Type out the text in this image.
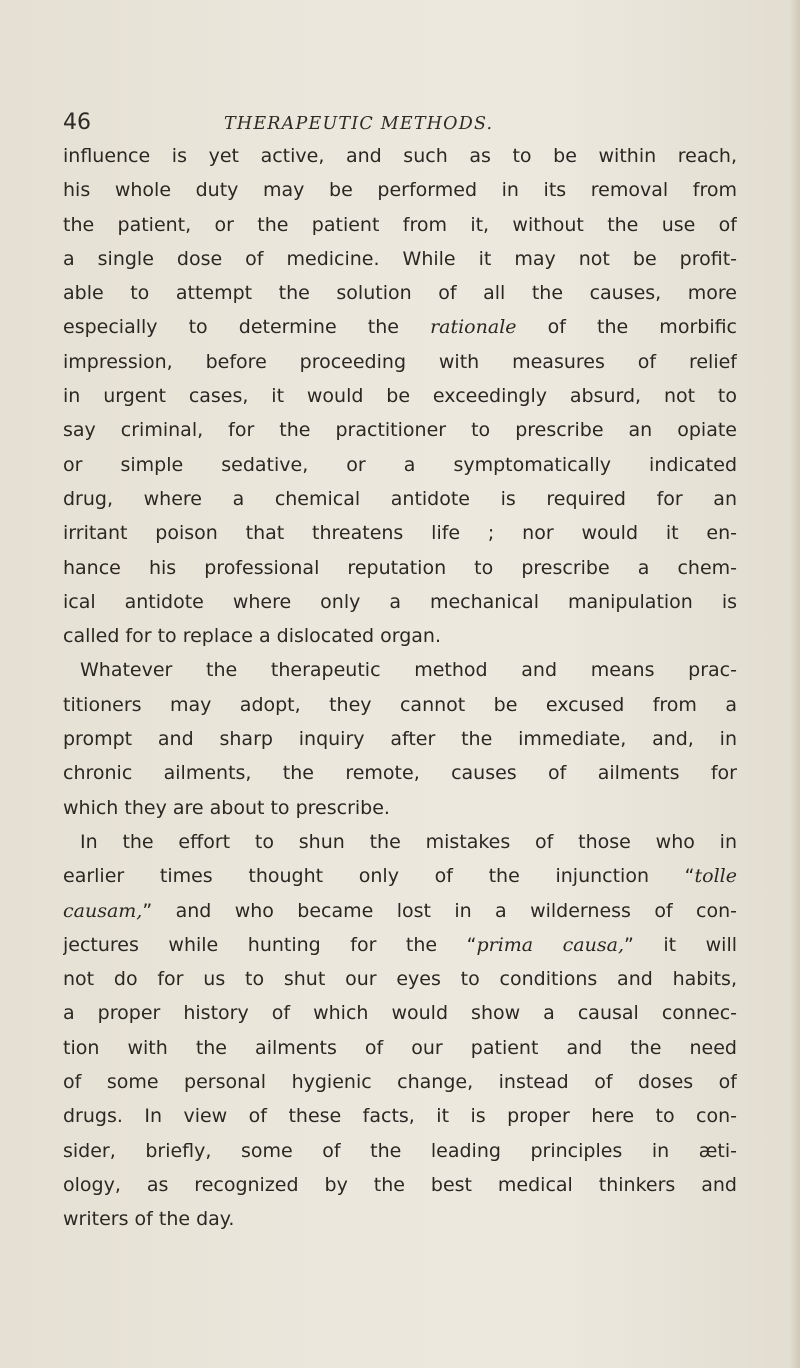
46	THERAPEUTIC METHODS.
influence is yet active, and such as to be within reach,
his whole duty may be performed in its removal from
the patient, or the patient from it, without the use of
a single dose of medicine. While it may not be profit-
able to attempt the solution of all the causes, more
especially to determine the rationale of the morbific
impression, before proceeding with measures of relief
in urgent cases, it would be exceedingly absurd, not to
say criminal, for the practitioner to prescribe an opiate
or simple sedative, or a symptomatically indicated
drug, where a chemical antidote is required for an
irritant poison that threatens life ; nor would it en-
hance his professional reputation to prescribe a chem-
ical antidote where only a mechanical manipulation is
called for to replace a dislocated organ.
Whatever the therapeutic method and means prac-
titioners may adopt, they cannot be excused from a
prompt and sharp inquiry after the immediate, and, in
chronic ailments, the remote, causes of ailments for
which they are about to prescribe.
In the effort to shun the mistakes of those who in
earlier times thought only of the injunction “tolle
causam,” and who became lost in a wilderness of con-
jectures while hunting for the “prima causa,” it will
not do for us to shut our eyes to conditions and habits,
a proper history of which would show a causal connec-
tion with the ailments of our patient and the need
of some personal hygienic change, instead of doses of
drugs. In view of these facts, it is proper here to con-
sider, briefly, some of the leading principles in æti-
ology, as recognized by the best medical thinkers and
writers of the day.
